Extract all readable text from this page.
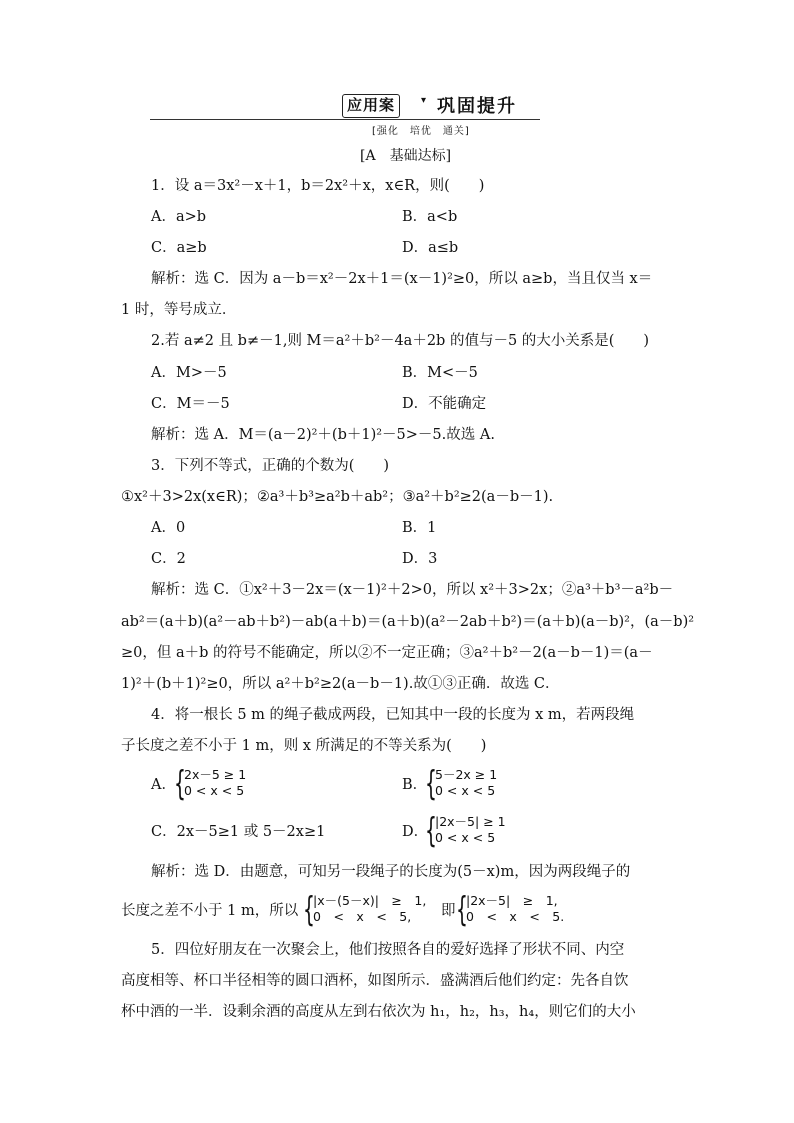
应用案	▾ 巩固提升
[强化　培优　通关]
[A　基础达标]
1．设 a＝3x²－x＋1，b＝2x²＋x，x∈R，则(　　)
A．a>b	B．a<b
C．a≥b	D．a≤b
解析：选 C．因为 a－b＝x²－2x＋1＝(x－1)²≥0，所以 a≥b，当且仅当 x＝
1 时，等号成立．
2.若 a≠2 且 b≠－1,则 M＝a²＋b²－4a＋2b 的值与－5 的大小关系是(　　)
A．M>－5	B．M<－5
C．M＝－5	D．不能确定
解析：选 A．M＝(a－2)²＋(b＋1)²－5>－5.故选 A.
3．下列不等式，正确的个数为(　　)
①x²＋3>2x(x∈R)；②a³＋b³≥a²b＋ab²；③a²＋b²≥2(a－b－1).
A．0	B．1
C．2	D．3
解析：选 C．①x²＋3－2x＝(x－1)²＋2>0，所以 x²＋3>2x；②a³＋b³－a²b－
ab²＝(a＋b)(a²－ab＋b²)－ab(a＋b)＝(a＋b)(a²－2ab＋b²)＝(a＋b)(a－b)²，(a－b)²
≥0，但 a＋b 的符号不能确定，所以②不一定正确；③a²＋b²－2(a－b－1)＝(a－
1)²＋(b＋1)²≥0，所以 a²＋b²≥2(a－b－1).故①③正确．故选 C．
4．将一根长 5 m 的绳子截成两段，已知其中一段的长度为 x m，若两段绳
子长度之差不小于 1 m，则 x 所满足的不等关系为(　　)
A．
{
2x－5 ≥ 1
0 < x < 5	B．
{
5－2x ≥ 1
0 < x < 5
C．2x－5≥1 或 5－2x≥1	D．
{
|2x－5| ≥ 1
0 < x < 5
解析：选 D．由题意，可知另一段绳子的长度为(5－x)m，因为两段绳子的
长度之差不小于 1 m，所以 {
|x－(5－x)|　≥　1,
0　<　x　<　5, 即 {
|2x－5|　≥　1,
0　<　x　<　5.
5．四位好朋友在一次聚会上，他们按照各自的爱好选择了形状不同、内空
高度相等、杯口半径相等的圆口酒杯，如图所示．盛满酒后他们约定：先各自饮
杯中酒的一半．设剩余酒的高度从左到右依次为 h₁，h₂，h₃，h₄，则它们的大小
